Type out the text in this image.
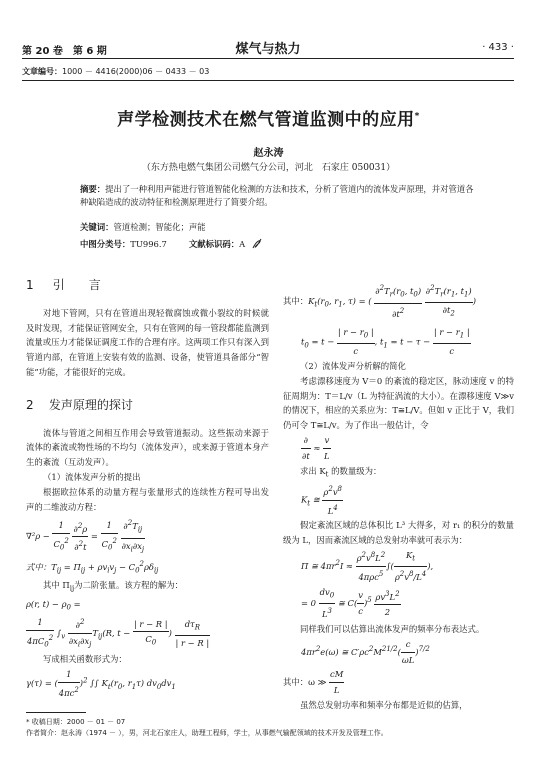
第 20 卷　第 6 期	煤气与热力	· 433 ·
文章编号：1000 － 4416(2000)06 － 0433 － 03
声学检测技术在燃气管道监测中的应用*
赵永涛
（东方热电燃气集团公司燃气分公司，河北　石家庄 050031）
摘要：提出了一种利用声能进行管道智能化检测的方法和技术，分析了管道内的流体发声原理，并对管道各种缺陷造成的波动特征和检测原理进行了简要介绍。
关键词：管道检测；智能化；声能
中图分类号：TU996.7	文献标识码：A
1 引　　言

对地下管网，只有在管道出现轻微腐蚀或微小裂纹的时候就及时发现，才能保证管网安全，只有在管网的每一管段都能监测到流量或压力才能保证调度工作的合理有序。这两项工作只有深入到管道内部，在管道上安装有效的监测、设备，使管道具备部分“智能”功能，才能很好的完成。

2 发声原理的探讨

流体与管道之间相互作用会导致管道振动。这些振动来源于流体的紊流或物性场的不均匀（流体发声），或来源于管道本身产生的紊流（互动发声）。

（1）流体发声分析的提出

根据欧拉体系的动量方程与张量形式的连续性方程可导出发声的二维波动方程：

$\nabla^2\rho - \frac{1}{C_0^2}$
$\frac{\partial^2\rho}{\partial^2t} = \frac{1}{C_0^2}$
$\frac{\partial^2T_{ij}}{\partial x_i\partial x_j}$
式中：$T_{ij} = \Pi_{ij} + \rho v_iv_j - C_0^2\rho\delta_{ij}$

其中 $\Pi_{ij}$为二阶张量。该方程的解为：

ρ(r, $t) - \rho_0$ =
$\frac{1}{4\pi C_0^2} \int_v \frac{\partial^2}{\partial x_i\partial x_j} T_{ij}(R$, $t - \frac{| r - R |}{C_0}$ ) $\frac{d\tau_R}{| r - R |}$

写成相关函数形式为：

γ(τ) = ( $\frac{1}{4\pi c^2} )^2$ ∫∫ $K_t(r_0$, $r_1\tau$) $dv_0dv_1$
其中：$K_t(r_0$, $r_1$, τ) = ( $\frac{\partial^2T_r(r_0, t_0)}{\partial t^2}$
$\frac{\partial^2T_r(r_1, t_1)}{\partial t_2}$ )
$t_0 = t - \frac{| r - r_0 |}{c}$ , $t_1 = t - \tau - \frac{| r - r_1 |}{c}$

（2）流体发声分析解的简化

考虑漂移速度为 V＝0 的紊流的稳定区，脉动速度 v 的特征周期为：T＝L/v（L 为特征涡流的大小）。在漂移速度 V≫v 的情况下，相应的关系应为：T≅L/V。但如 v 正比于 V，我们仍可令 T≅L/v。为了作出一般估计，令

$\frac{\partial}{\partial t} \approx \frac{v}{L}$

求出 $K_t$ 的数量级为：

$K_t$ ≅ $\frac{\rho^2v^8}{L^4}$

假定紊流区域的总体积比 L³ 大得多，对 r₁ 的积分的数量级为 L，因而紊流区域的总发射功率就可表示为：

Π ≅ $4\pi r^2I \approx \frac{\rho^2v^8L^2}{4\pi\rho c^5}$ ∫( $\frac{K_t}{\rho^2v^8/L^4}$ ),
= $0 \frac{dv_0}{L^3}$ ≅ $C( \frac{v}{c} )^5 \frac{\rho v^3L^2}{2}$

同样我们可以估算出流体发声的频率分布表达式。

$4\pi r^2e(\omega)$ ≅ $C'\rho c^2M^{21/2}( \frac{c}{\omega L} )^{7/2}$
其中：ω ≫ $\frac{cM}{L}$

虽然总发射功率和频率分布都是近似的估算，

* 收稿日期：2000 － 01 － 07
作者简介：赵永涛（1974 － ），男，河北石家庄人，助理工程师，学士，从事燃气输配领域的技术开发及管理工作。
